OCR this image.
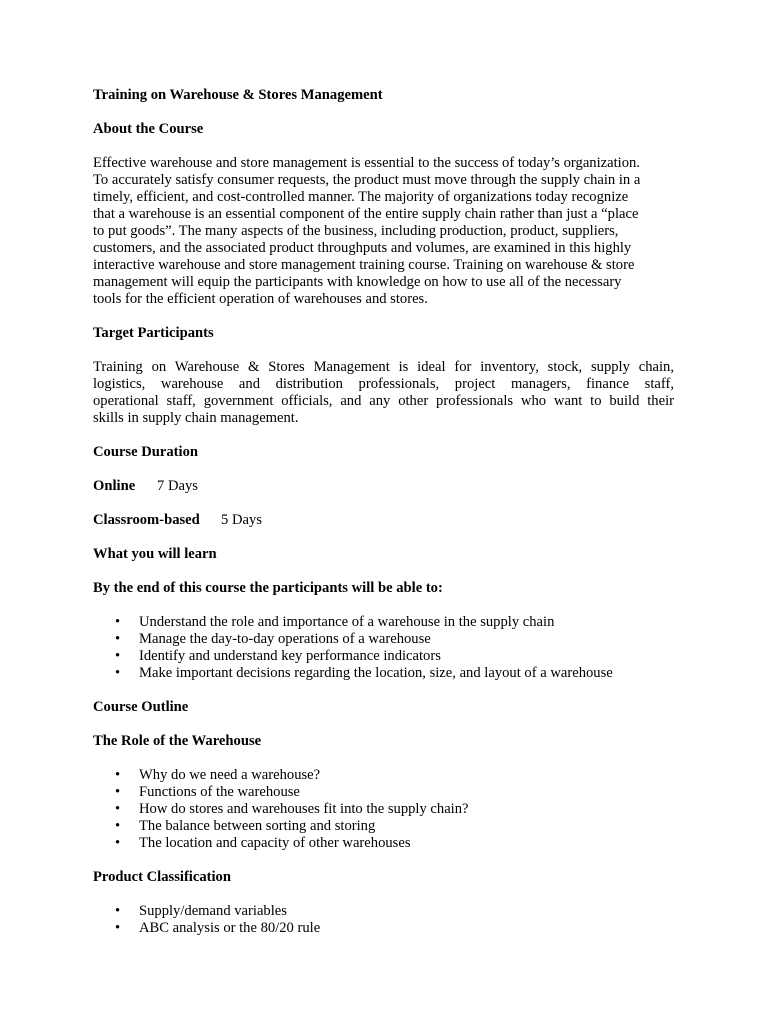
Training on Warehouse & Stores Management

About the Course

Effective warehouse and store management is essential to the success of today’s organization.
To accurately satisfy consumer requests, the product must move through the supply chain in a
timely, efficient, and cost-controlled manner. The majority of organizations today recognize
that a warehouse is an essential component of the entire supply chain rather than just a “place
to put goods”. The many aspects of the business, including production, product, suppliers,
customers, and the associated product throughputs and volumes, are examined in this highly
interactive warehouse and store management training course. Training on warehouse & store
management will equip the participants with knowledge on how to use all of the necessary
tools for the efficient operation of warehouses and stores.

Target Participants

Training on Warehouse & Stores Management is ideal for inventory, stock, supply chain,
logistics, warehouse and distribution professionals, project managers, finance staff,
operational staff, government officials, and any other professionals who want to build their
skills in supply chain management.

Course Duration

Online 7 Days
Classroom-based 5 Days

What you will learn

By the end of this course the participants will be able to:

• Understand the role and importance of a warehouse in the supply chain
• Manage the day-to-day operations of a warehouse
• Identify and understand key performance indicators
• Make important decisions regarding the location, size, and layout of a warehouse

Course Outline

The Role of the Warehouse

• Why do we need a warehouse?
• Functions of the warehouse
• How do stores and warehouses fit into the supply chain?
• The balance between sorting and storing
• The location and capacity of other warehouses

Product Classification

• Supply/demand variables
• ABC analysis or the 80/20 rule
